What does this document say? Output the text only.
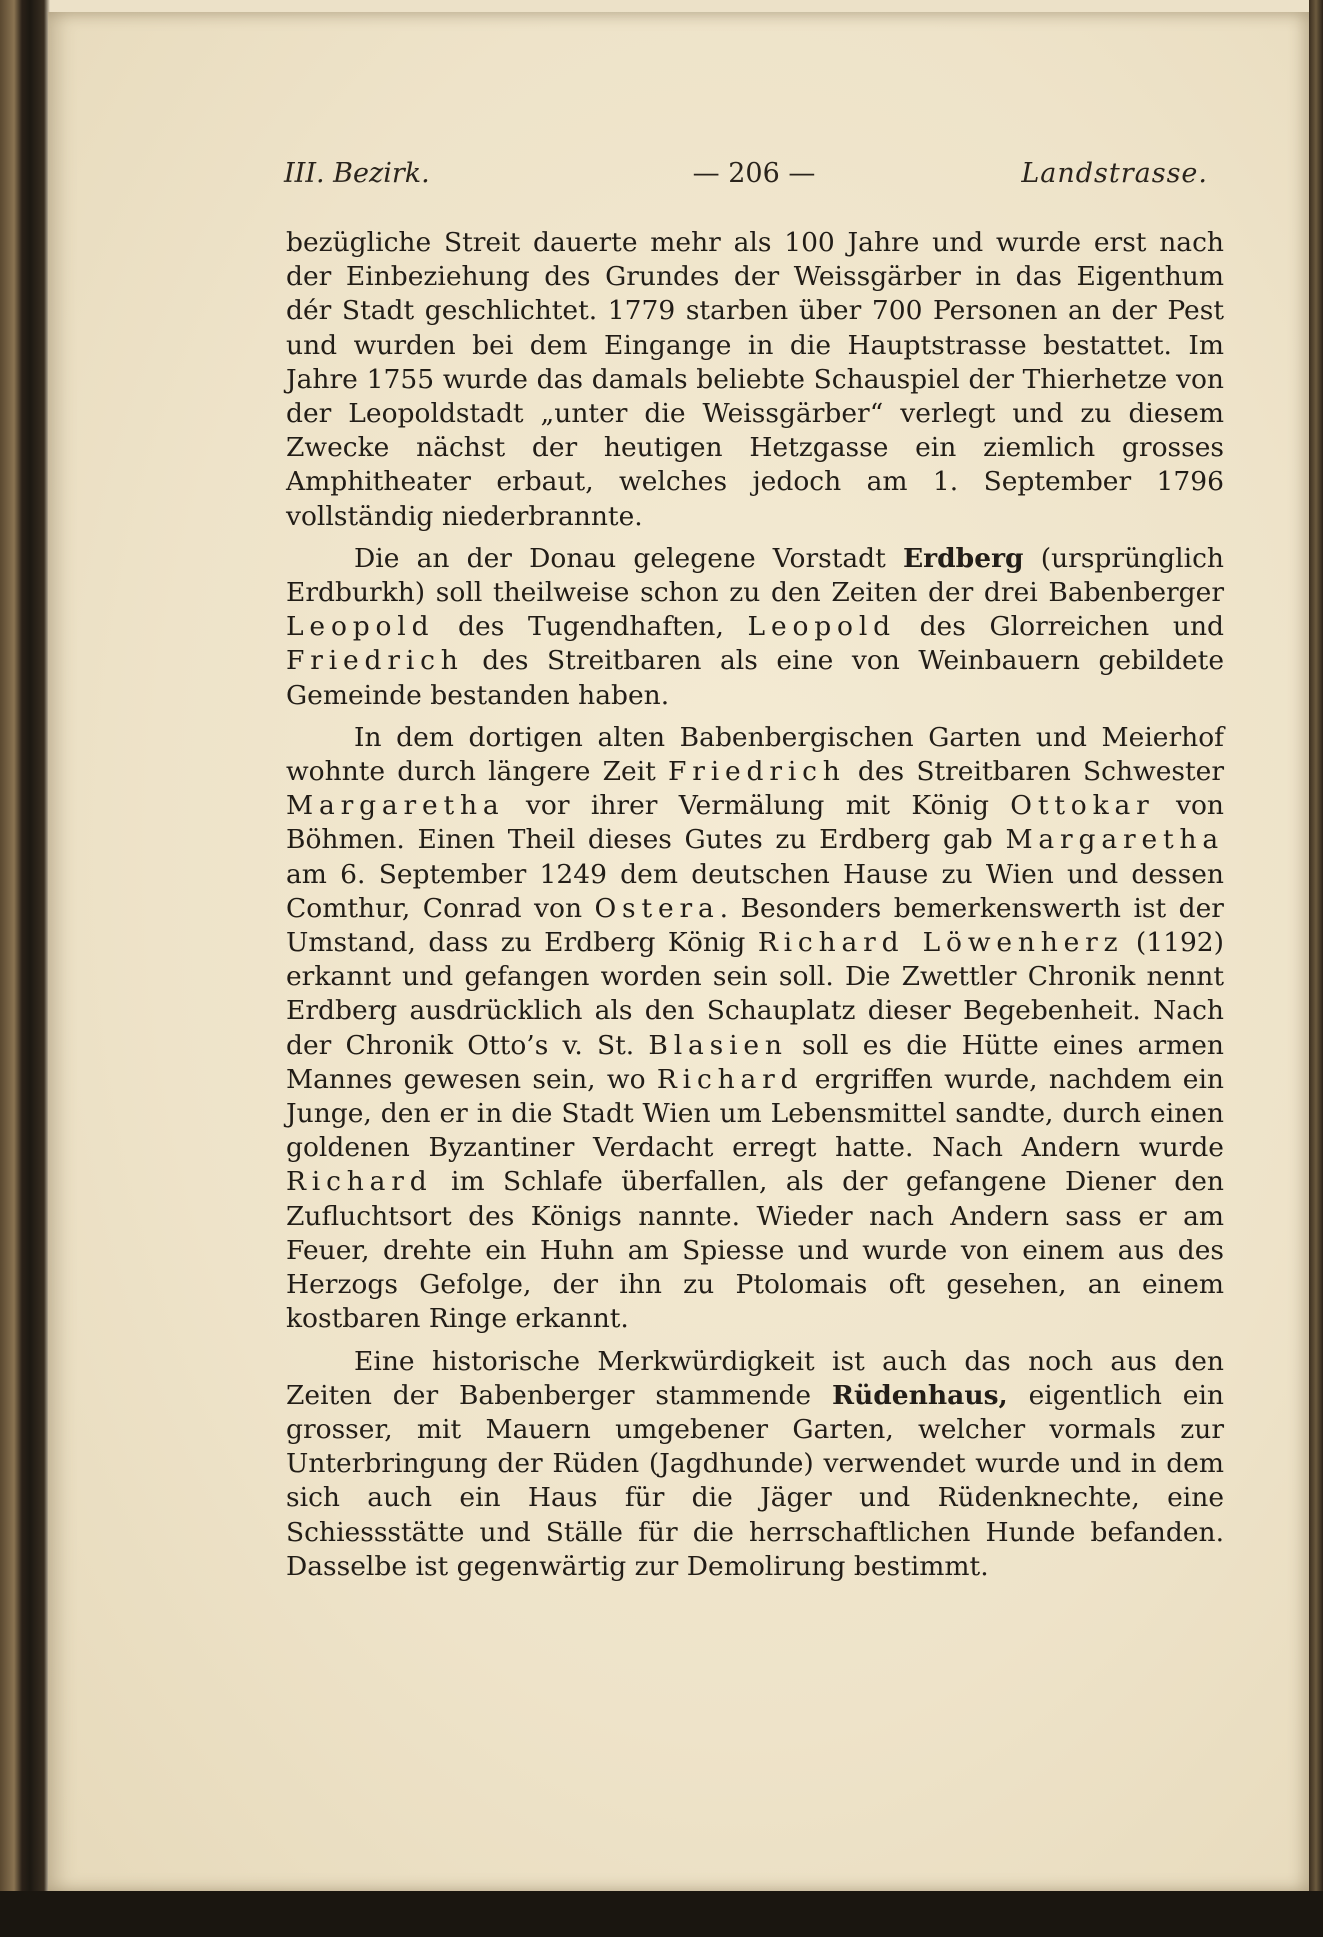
III. Bezirk.	— 206 —	Landstrasse.

bezügliche Streit dauerte mehr als 100 Jahre und wurde erst nach der Einbeziehung des Grundes der Weissgärber in das Eigenthum dér Stadt geschlichtet. 1779 starben über 700 Personen an der Pest und wurden bei dem Eingange in die Hauptstrasse bestattet. Im Jahre 1755 wurde das damals beliebte Schauspiel der Thierhetze von der Leopoldstadt „unter die Weissgärber“ verlegt und zu diesem Zwecke nächst der heutigen Hetzgasse ein ziemlich grosses Amphitheater erbaut, welches jedoch am 1. September 1796 vollständig niederbrannte.

Die an der Donau gelegene Vorstadt Erdberg (ursprünglich Erdburkh) soll theilweise schon zu den Zeiten der drei Babenberger Leopold des Tugendhaften, Leopold des Glorreichen und Friedrich des Streitbaren als eine von Weinbauern gebildete Gemeinde bestanden haben.

In dem dortigen alten Babenbergischen Garten und Meierhof wohnte durch längere Zeit Friedrich des Streitbaren Schwester Margaretha vor ihrer Vermälung mit König Ottokar von Böhmen. Einen Theil dieses Gutes zu Erdberg gab Margaretha am 6. September 1249 dem deutschen Hause zu Wien und dessen Comthur, Conrad von Ostera. Besonders bemerkenswerth ist der Umstand, dass zu Erdberg König Richard Löwenherz (1192) erkannt und gefangen worden sein soll. Die Zwettler Chronik nennt Erdberg ausdrücklich als den Schauplatz dieser Begebenheit. Nach der Chronik Otto’s v. St. Blasien soll es die Hütte eines armen Mannes gewesen sein, wo Richard ergriffen wurde, nachdem ein Junge, den er in die Stadt Wien um Lebensmittel sandte, durch einen goldenen Byzantiner Verdacht erregt hatte. Nach Andern wurde Richard im Schlafe überfallen, als der gefangene Diener den Zufluchtsort des Königs nannte. Wieder nach Andern sass er am Feuer, drehte ein Huhn am Spiesse und wurde von einem aus des Herzogs Gefolge, der ihn zu Ptolomais oft gesehen, an einem kostbaren Ringe erkannt.

Eine historische Merkwürdigkeit ist auch das noch aus den Zeiten der Babenberger stammende Rüdenhaus, eigentlich ein grosser, mit Mauern umgebener Garten, welcher vormals zur Unterbringung der Rüden (Jagdhunde) verwendet wurde und in dem sich auch ein Haus für die Jäger und Rüdenknechte, eine Schiessstätte und Ställe für die herrschaftlichen Hunde befanden. Dasselbe ist gegenwärtig zur Demolirung bestimmt.
